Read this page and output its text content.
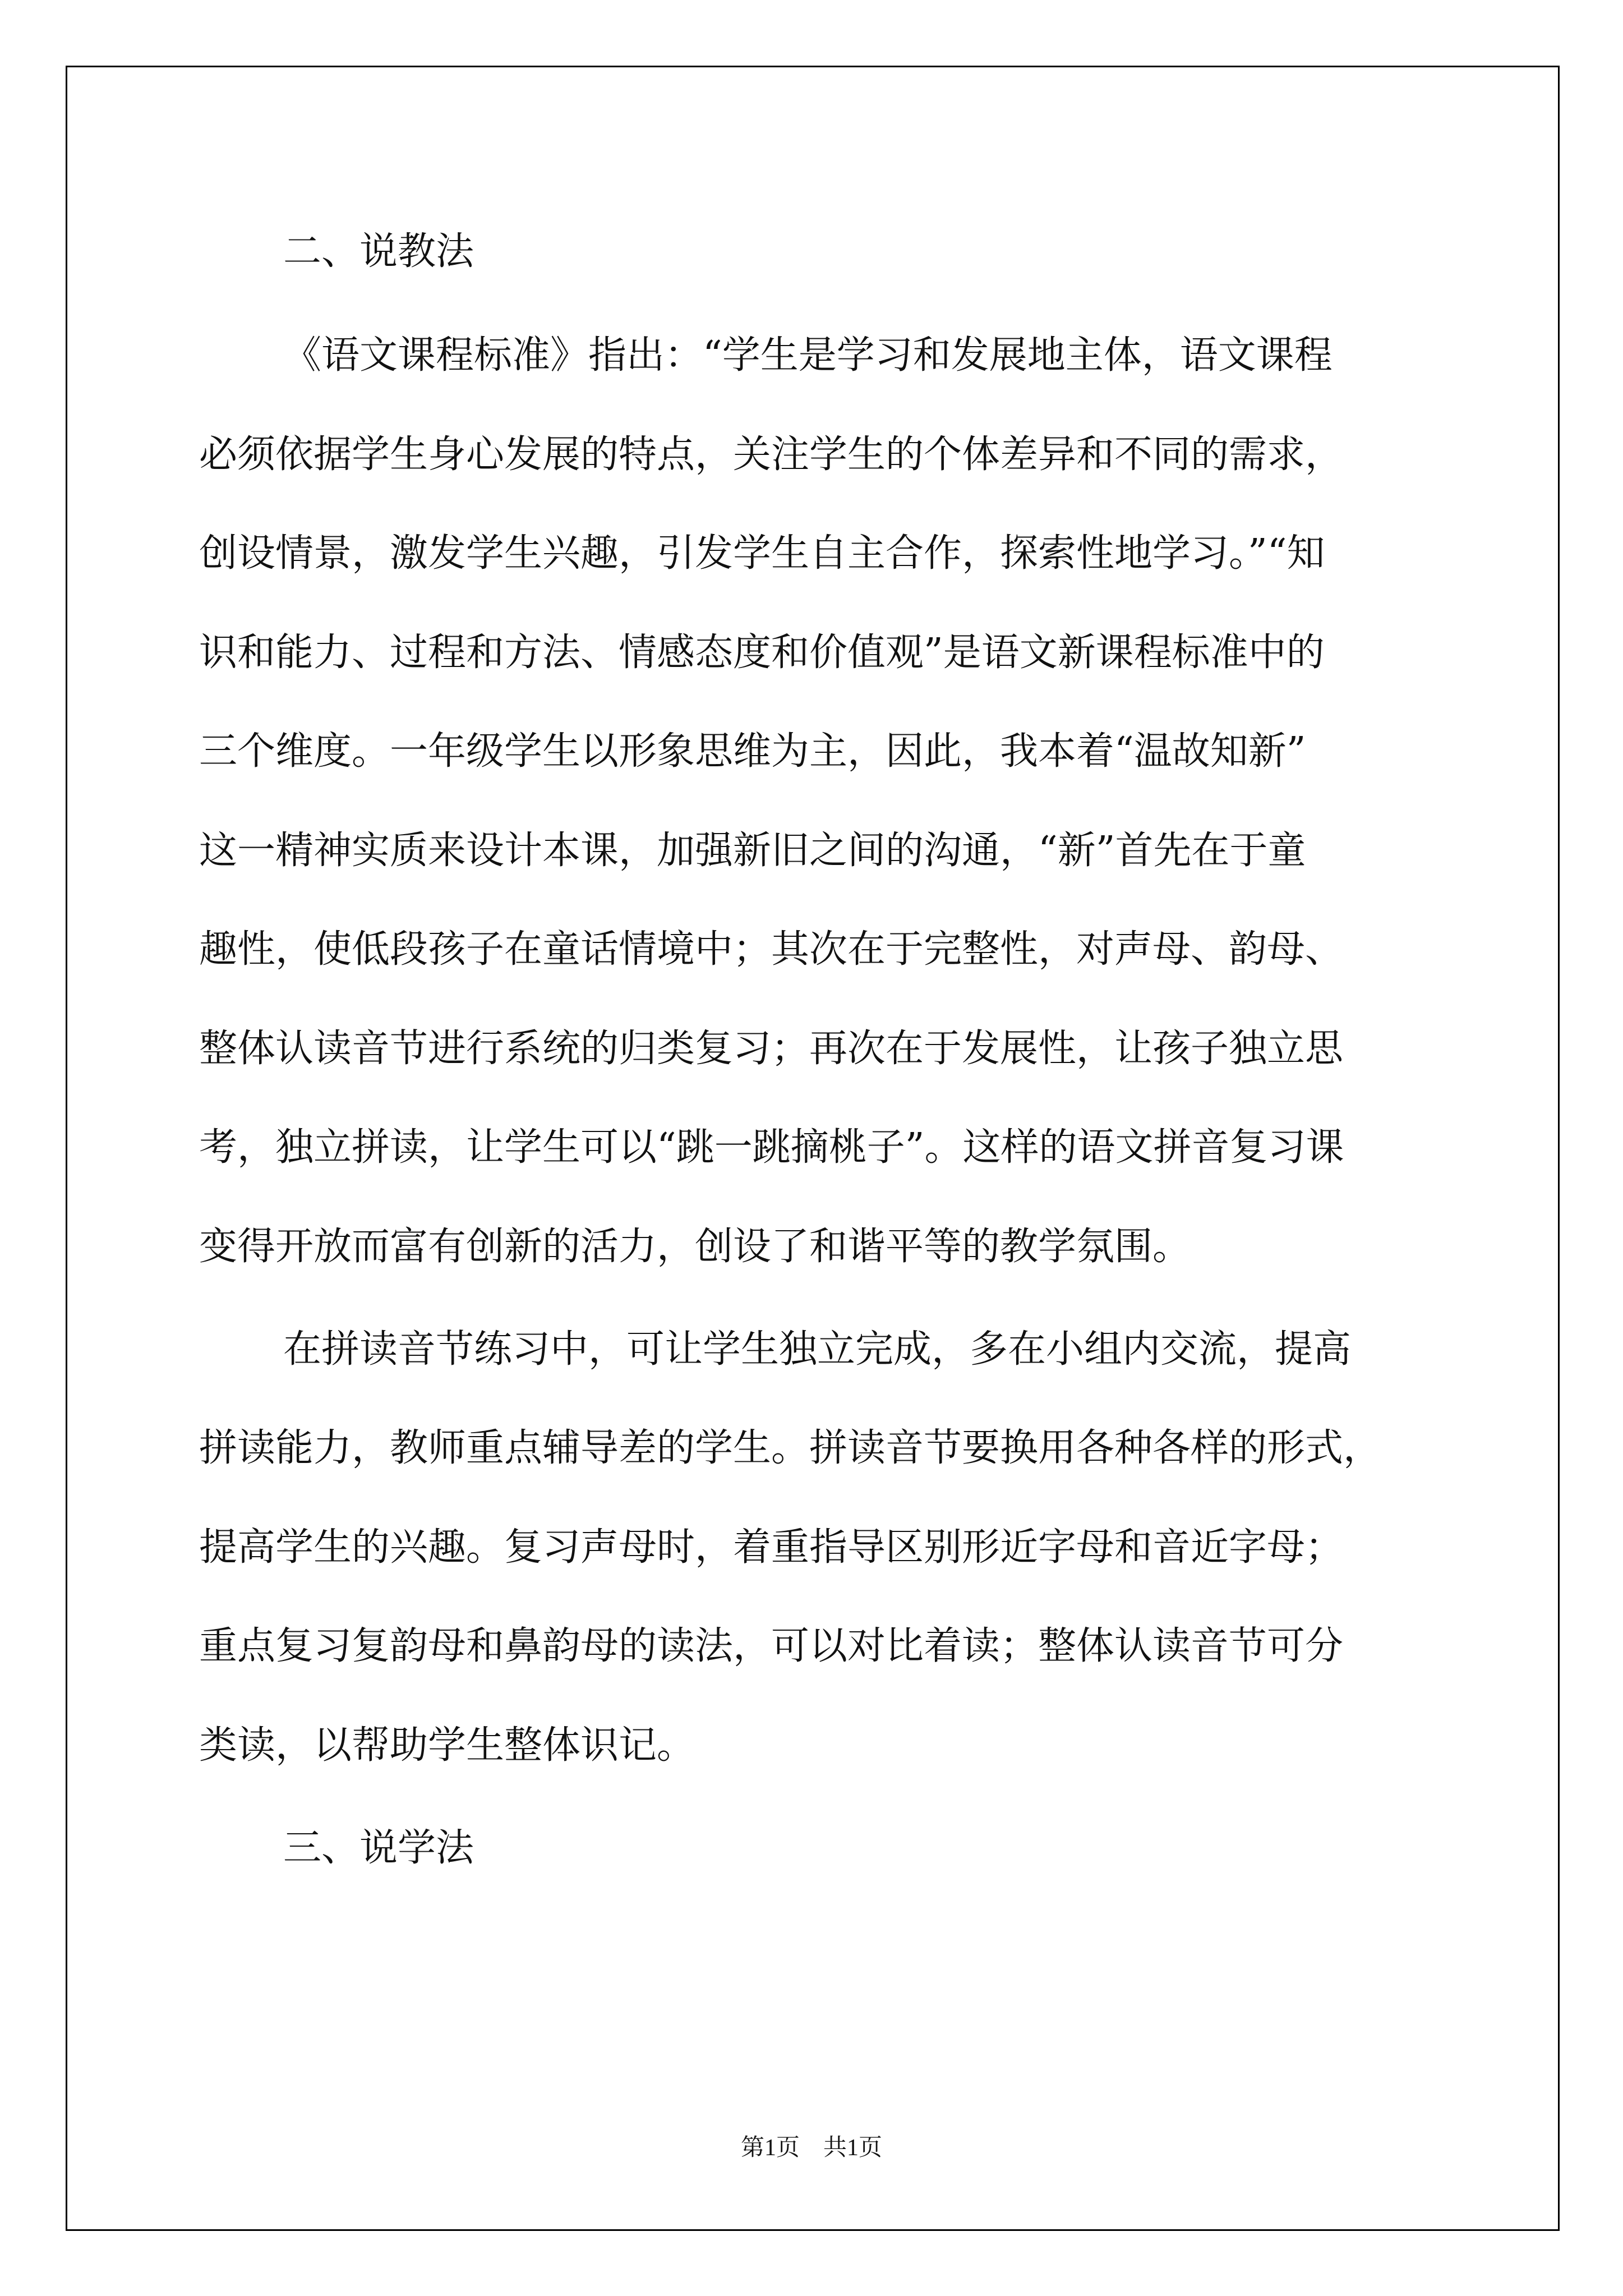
二、说教法
《语文课程标准》指出：“学生是学习和发展地主体，语文课程
必须依据学生身心发展的特点，关注学生的个体差异和不同的需求，
创设情景，激发学生兴趣，引发学生自主合作，探索性地学习。”“知
识和能力、过程和方法、情感态度和价值观”是语文新课程标准中的
三个维度。一年级学生以形象思维为主，因此，我本着“温故知新”
这一精神实质来设计本课，加强新旧之间的沟通，“新”首先在于童
趣性，使低段孩子在童话情境中；其次在于完整性，对声母、韵母、
整体认读音节进行系统的归类复习；再次在于发展性，让孩子独立思
考，独立拼读，让学生可以“跳一跳摘桃子”。这样的语文拼音复习课
变得开放而富有创新的活力，创设了和谐平等的教学氛围。
在拼读音节练习中，可让学生独立完成，多在小组内交流，提高
拼读能力，教师重点辅导差的学生。拼读音节要换用各种各样的形式，
提高学生的兴趣。复习声母时，着重指导区别形近字母和音近字母；
重点复习复韵母和鼻韵母的读法，可以对比着读；整体认读音节可分
类读，以帮助学生整体识记。
三、说学法
第1页　共1页
